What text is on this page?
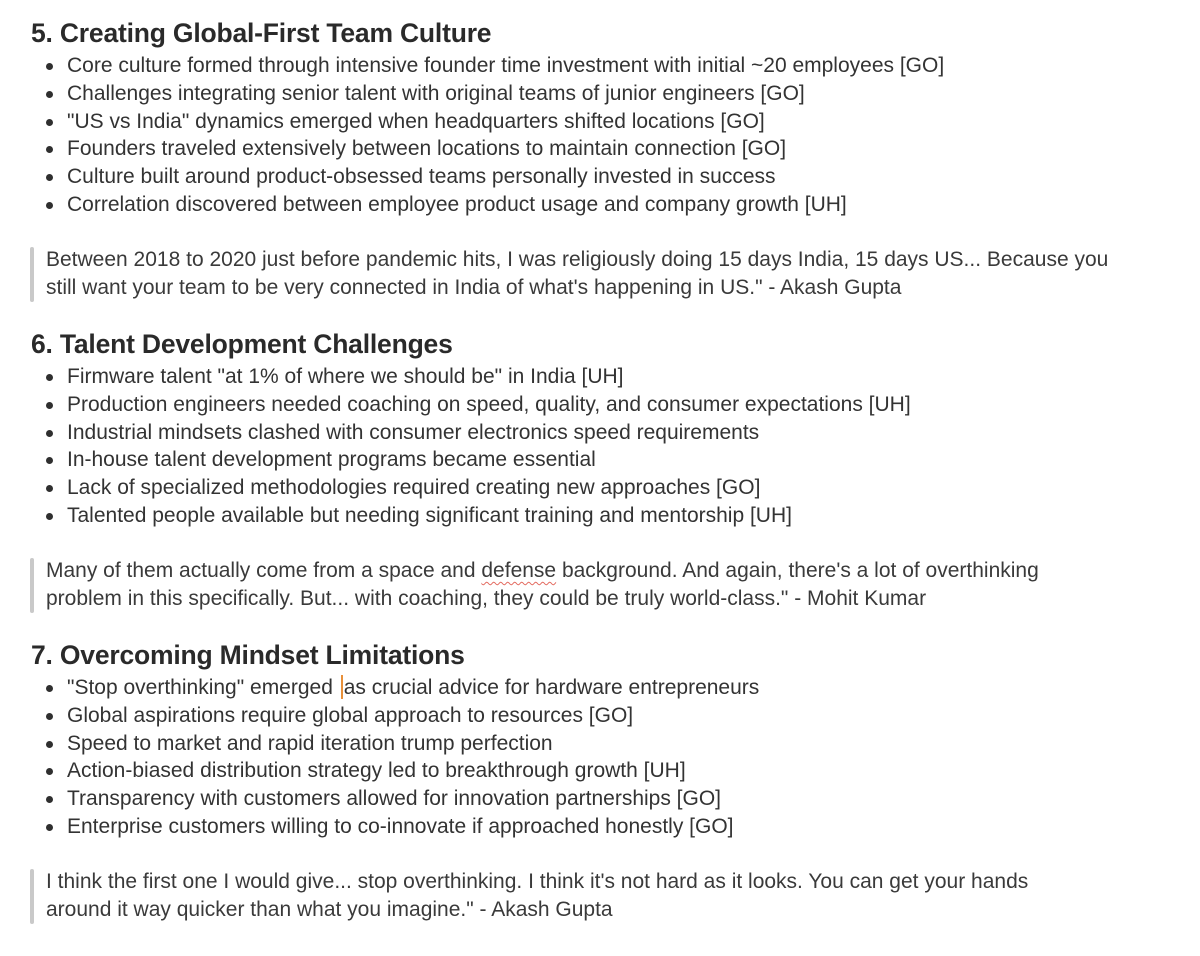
5. Creating Global-First Team Culture
Core culture formed through intensive founder time investment with initial ~20 employees [GO]
Challenges integrating senior talent with original teams of junior engineers [GO]
"US vs India" dynamics emerged when headquarters shifted locations [GO]
Founders traveled extensively between locations to maintain connection [GO]
Culture built around product-obsessed teams personally invested in success
Correlation discovered between employee product usage and company growth [UH]
Between 2018 to 2020 just before pandemic hits, I was religiously doing 15 days India, 15 days US... Because you
still want your team to be very connected in India of what's happening in US." - Akash Gupta
6. Talent Development Challenges
Firmware talent "at 1% of where we should be" in India [UH]
Production engineers needed coaching on speed, quality, and consumer expectations [UH]
Industrial mindsets clashed with consumer electronics speed requirements
In-house talent development programs became essential
Lack of specialized methodologies required creating new approaches [GO]
Talented people available but needing significant training and mentorship [UH]
Many of them actually come from a space and defense background. And again, there's a lot of overthinking
problem in this specifically. But... with coaching, they could be truly world-class." - Mohit Kumar
7. Overcoming Mindset Limitations
"Stop overthinking" emerged as crucial advice for hardware entrepreneurs
Global aspirations require global approach to resources [GO]
Speed to market and rapid iteration trump perfection
Action-biased distribution strategy led to breakthrough growth [UH]
Transparency with customers allowed for innovation partnerships [GO]
Enterprise customers willing to co-innovate if approached honestly [GO]
I think the first one I would give... stop overthinking. I think it's not hard as it looks. You can get your hands
around it way quicker than what you imagine." - Akash Gupta
